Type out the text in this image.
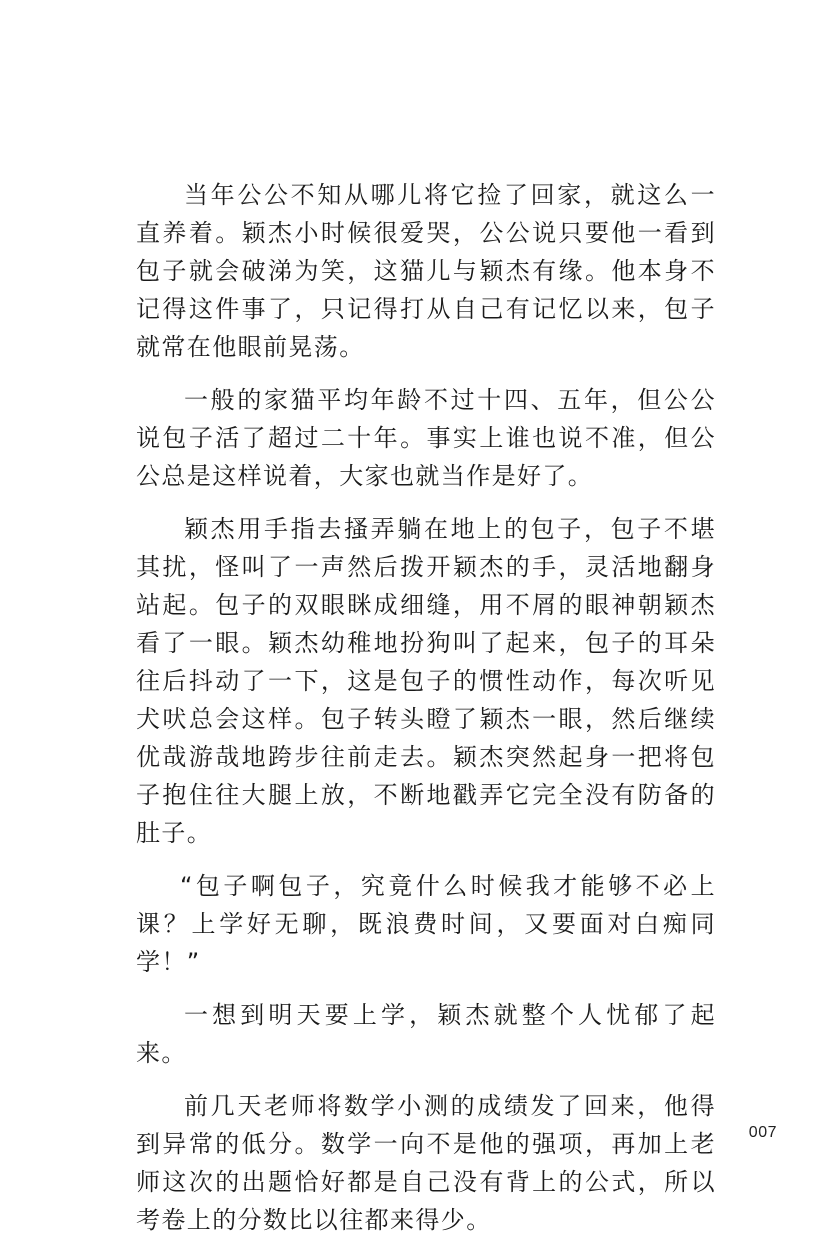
当年公公不知从哪儿将它捡了回家，就这么一直养着。颖杰小时候很爱哭，公公说只要他一看到包子就会破涕为笑，这猫儿与颖杰有缘。他本身不记得这件事了，只记得打从自己有记忆以来，包子就常在他眼前晃荡。

一般的家猫平均年龄不过十四、五年，但公公说包子活了超过二十年。事实上谁也说不准，但公公总是这样说着，大家也就当作是好了。

颖杰用手指去搔弄躺在地上的包子，包子不堪其扰，怪叫了一声然后拨开颖杰的手，灵活地翻身站起。包子的双眼眯成细缝，用不屑的眼神朝颖杰看了一眼。颖杰幼稚地扮狗叫了起来，包子的耳朵往后抖动了一下，这是包子的惯性动作，每次听见犬吠总会这样。包子转头瞪了颖杰一眼，然后继续优哉游哉地跨步往前走去。颖杰突然起身一把将包子抱住往大腿上放，不断地戳弄它完全没有防备的肚子。

“包子啊包子，究竟什么时候我才能够不必上课？上学好无聊，既浪费时间，又要面对白痴同学！”

一想到明天要上学，颖杰就整个人忧郁了起来。

前几天老师将数学小测的成绩发了回来，他得到异常的低分。数学一向不是他的强项，再加上老师这次的出题恰好都是自己没有背上的公式，所以考卷上的分数比以往都来得少。

007
